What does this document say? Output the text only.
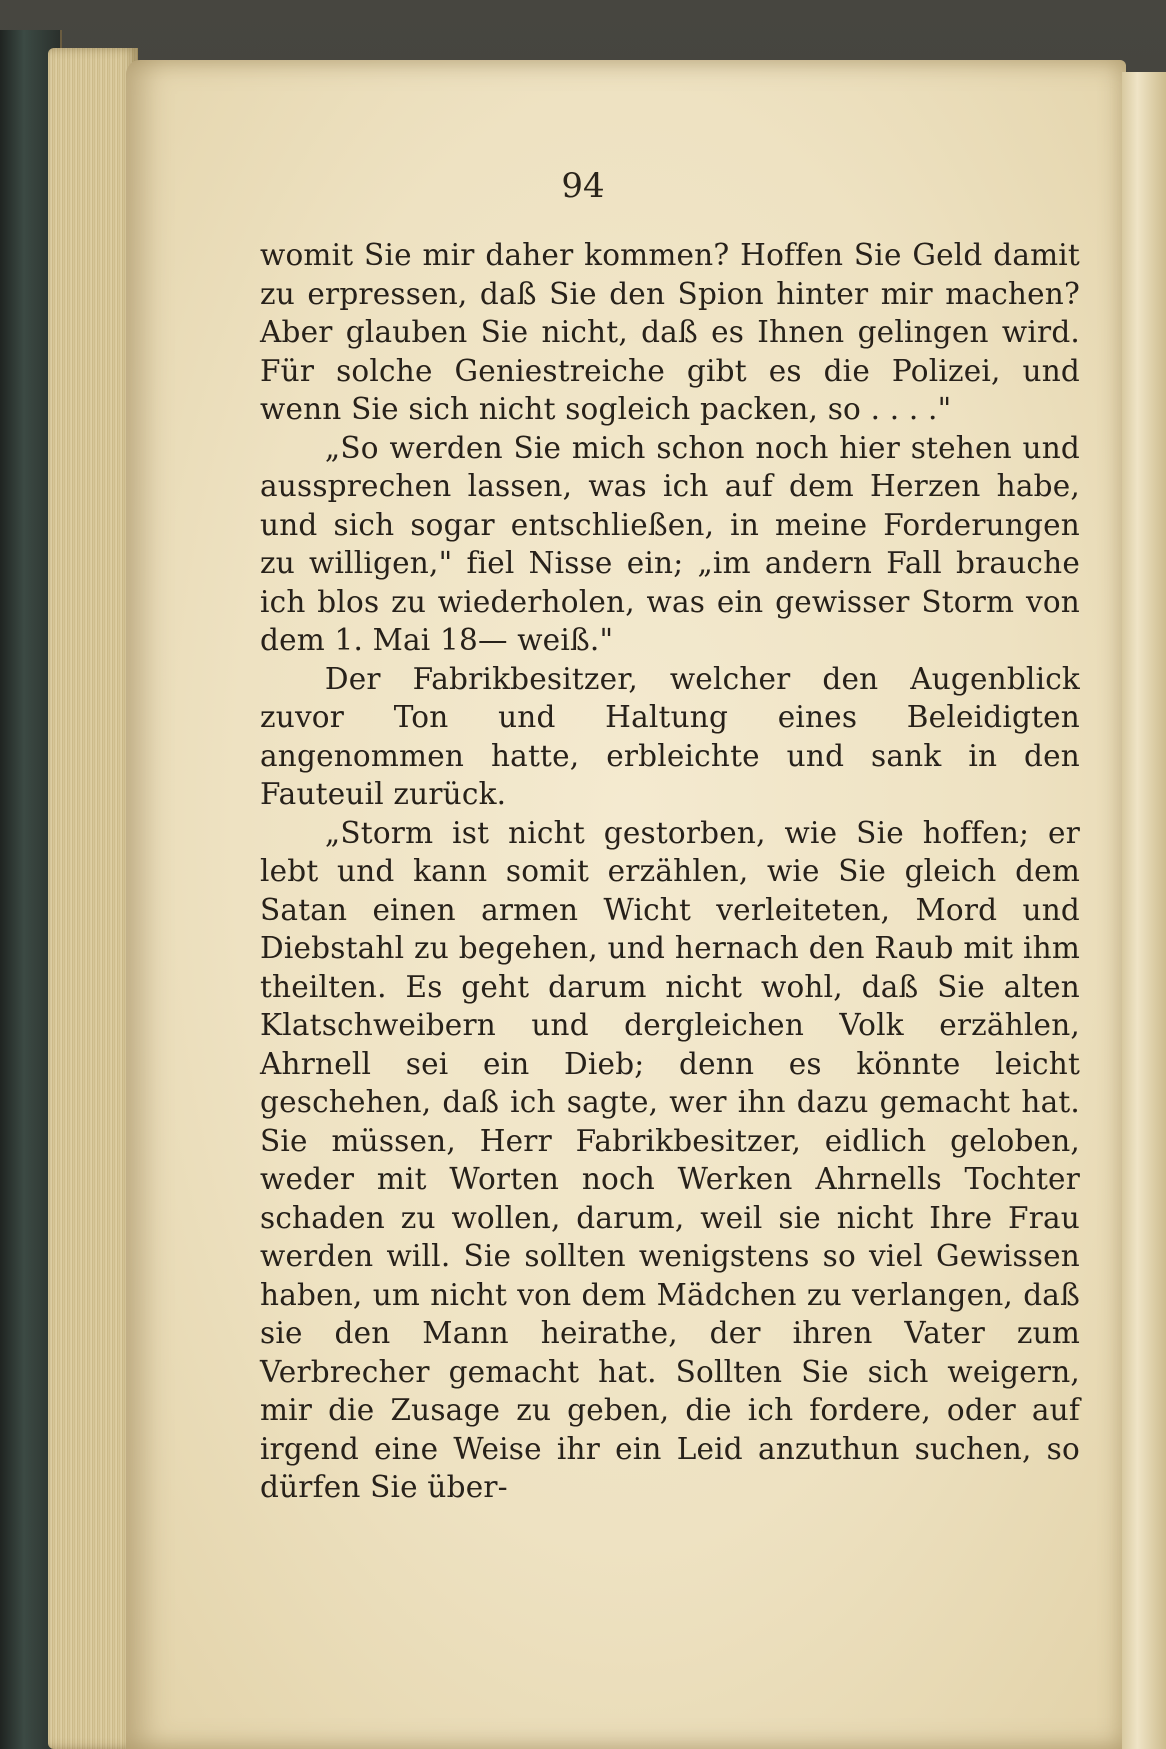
94

womit Sie mir daher kommen? Hoffen Sie Geld damit zu erpressen, daß Sie den Spion hinter mir machen? Aber glauben Sie nicht, daß es Ihnen gelingen wird. Für solche Geniestreiche gibt es die Polizei, und wenn Sie sich nicht sogleich packen, so . . . ."

„So werden Sie mich schon noch hier stehen und aussprechen lassen, was ich auf dem Herzen habe, und sich sogar entschließen, in meine Forderungen zu willigen," fiel Nisse ein; „im andern Fall brauche ich blos zu wiederholen, was ein gewisser Storm von dem 1. Mai 18— weiß."

Der Fabrikbesitzer, welcher den Augenblick zuvor Ton und Haltung eines Beleidigten angenommen hatte, erbleichte und sank in den Fauteuil zurück.

„Storm ist nicht gestorben, wie Sie hoffen; er lebt und kann somit erzählen, wie Sie gleich dem Satan einen armen Wicht verleiteten, Mord und Diebstahl zu begehen, und hernach den Raub mit ihm theilten. Es geht darum nicht wohl, daß Sie alten Klatschweibern und dergleichen Volk erzählen, Ahrnell sei ein Dieb; denn es könnte leicht geschehen, daß ich sagte, wer ihn dazu gemacht hat. Sie müssen, Herr Fabrikbesitzer, eidlich geloben, weder mit Worten noch Werken Ahrnells Tochter schaden zu wollen, darum, weil sie nicht Ihre Frau werden will. Sie sollten wenigstens so viel Gewissen haben, um nicht von dem Mädchen zu verlangen, daß sie den Mann heirathe, der ihren Vater zum Verbrecher gemacht hat. Sollten Sie sich weigern, mir die Zusage zu geben, die ich fordere, oder auf irgend eine Weise ihr ein Leid anzuthun suchen, so dürfen Sie über-
